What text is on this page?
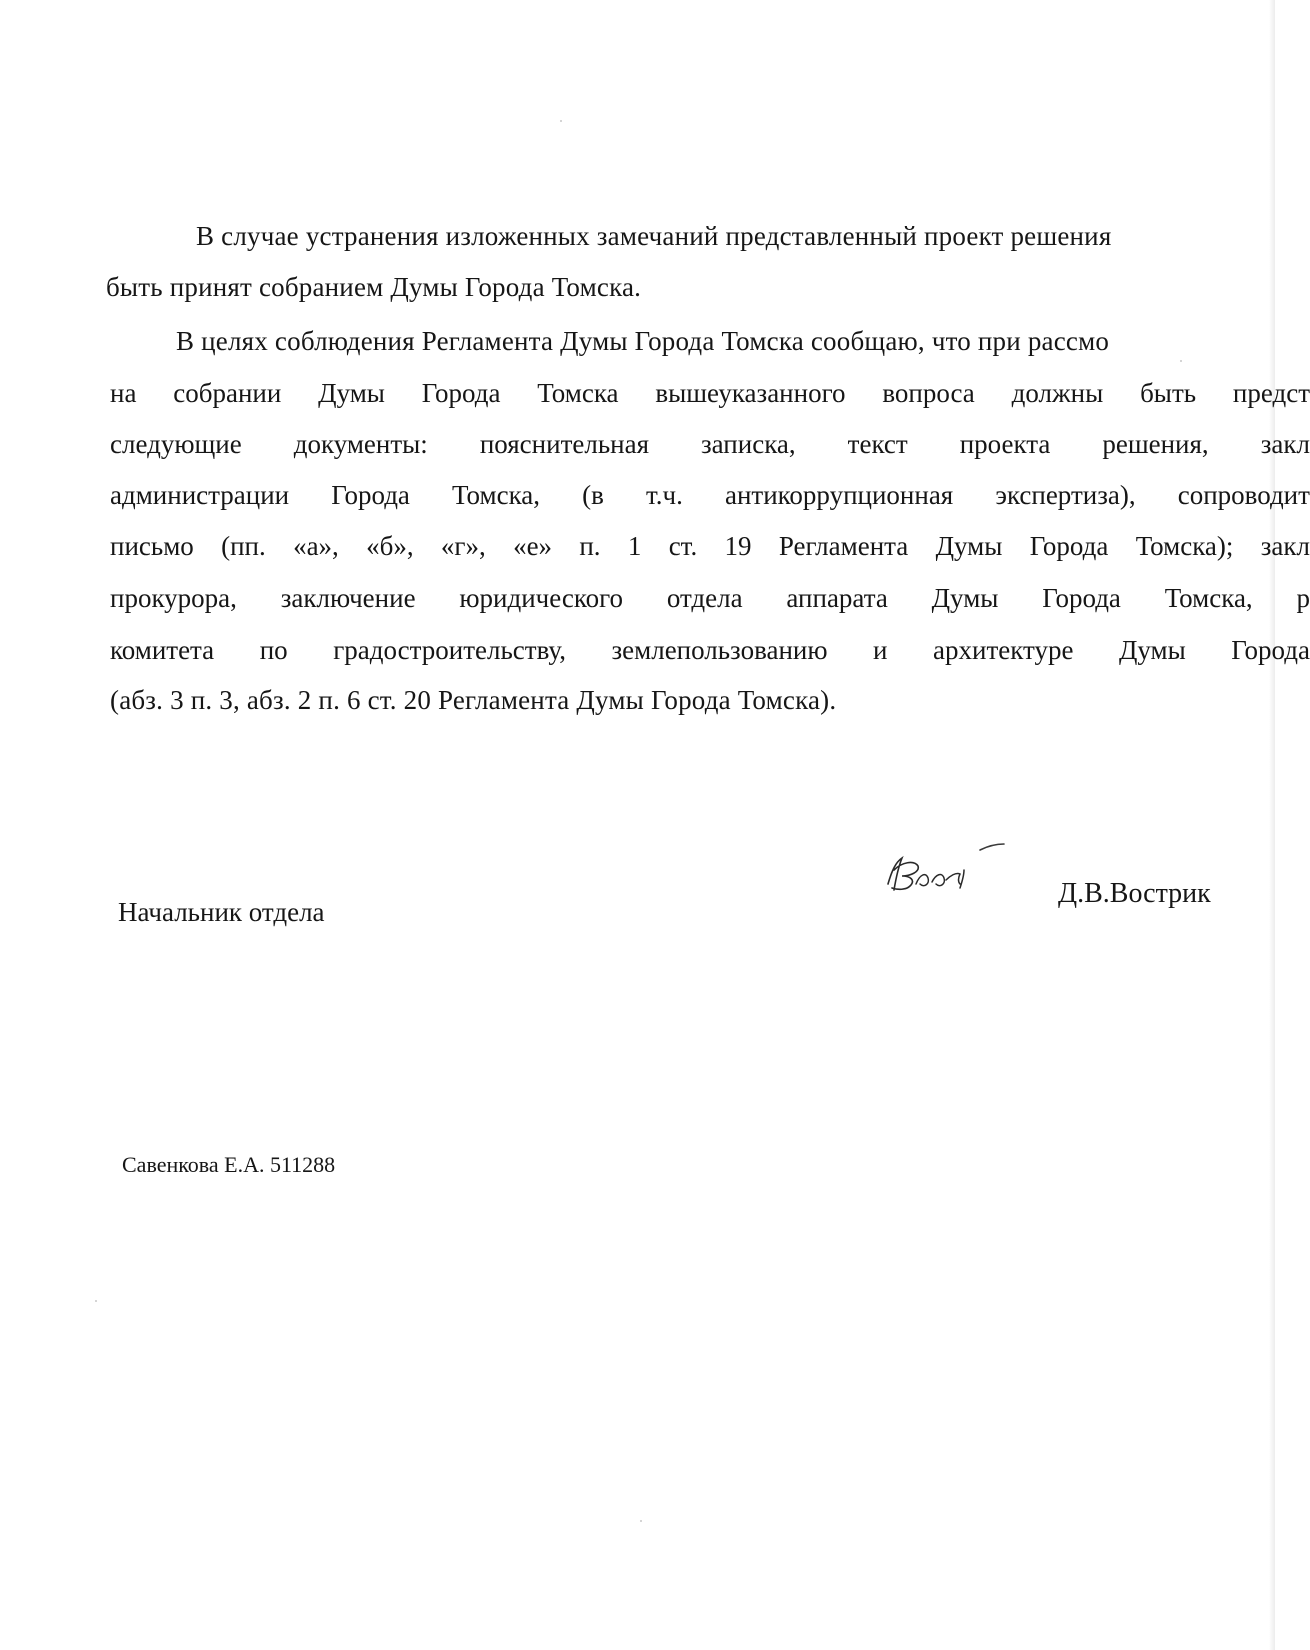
В случае устранения изложенных замечаний представленный проект решения
быть принят собранием Думы Города Томска.
В целях соблюдения Регламента Думы Города Томска сообщаю, что при рассмо
на собрании Думы Города Томска вышеуказанного вопроса должны быть предст
следующие документы: пояснительная записка, текст проекта решения, закл
администрации Города Томска, (в т.ч. антикоррупционная экспертиза), сопроводит
письмо (пп. «а», «б», «г», «е» п. 1 ст. 19 Регламента Думы Города Томска); закл
прокурора, заключение юридического отдела аппарата Думы Города Томска, р
комитета по градостроительству, землепользованию и архитектуре Думы Города
(абз. 3 п. 3, абз. 2 п. 6 ст. 20 Регламента Думы Города Томска).
Начальник отдела
Д.В.Вострик
Савенкова Е.А. 511288
